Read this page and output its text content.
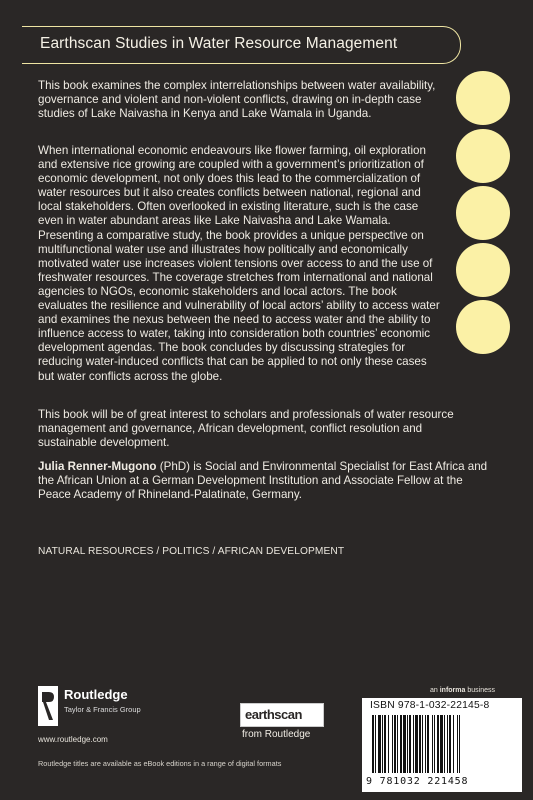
Earthscan Studies in Water Resource Management

This book examines the complex interrelationships between water availability, governance and violent and non-violent conflicts, drawing on in-depth case studies of Lake Naivasha in Kenya and Lake Wamala in Uganda.

When international economic endeavours like flower farming, oil exploration and extensive rice growing are coupled with a government’s prioritization of economic development, not only does this lead to the commercialization of water resources but it also creates conflicts between national, regional and local stakeholders. Often overlooked in existing literature, such is the case even in water abundant areas like Lake Naivasha and Lake Wamala. Presenting a comparative study, the book provides a unique perspective on multifunctional water use and illustrates how politically and economically motivated water use increases violent tensions over access to and the use of freshwater resources. The coverage stretches from international and national agencies to NGOs, economic stakeholders and local actors. The book evaluates the resilience and vulnerability of local actors’ ability to access water and examines the nexus between the need to access water and the ability to influence access to water, taking into consideration both countries’ economic development agendas. The book concludes by discussing strategies for reducing water-induced conflicts that can be applied to not only these cases but water conflicts across the globe.

This book will be of great interest to scholars and professionals of water resource management and governance, African development, conflict resolution and sustainable development.

Julia Renner-Mugono (PhD) is Social and Environmental Specialist for East Africa and the African Union at a German Development Institution and Associate Fellow at the Peace Academy of Rhineland-Palatinate, Germany.

NATURAL RESOURCES / POLITICS / AFRICAN DEVELOPMENT
Routledge
Taylor & Francis Group
www.routledge.com
Routledge titles are available as eBook editions in a range of digital formats
earthscan
from Routledge
an informa business
ISBN 978-1-032-22145-8
9 781032 221458
